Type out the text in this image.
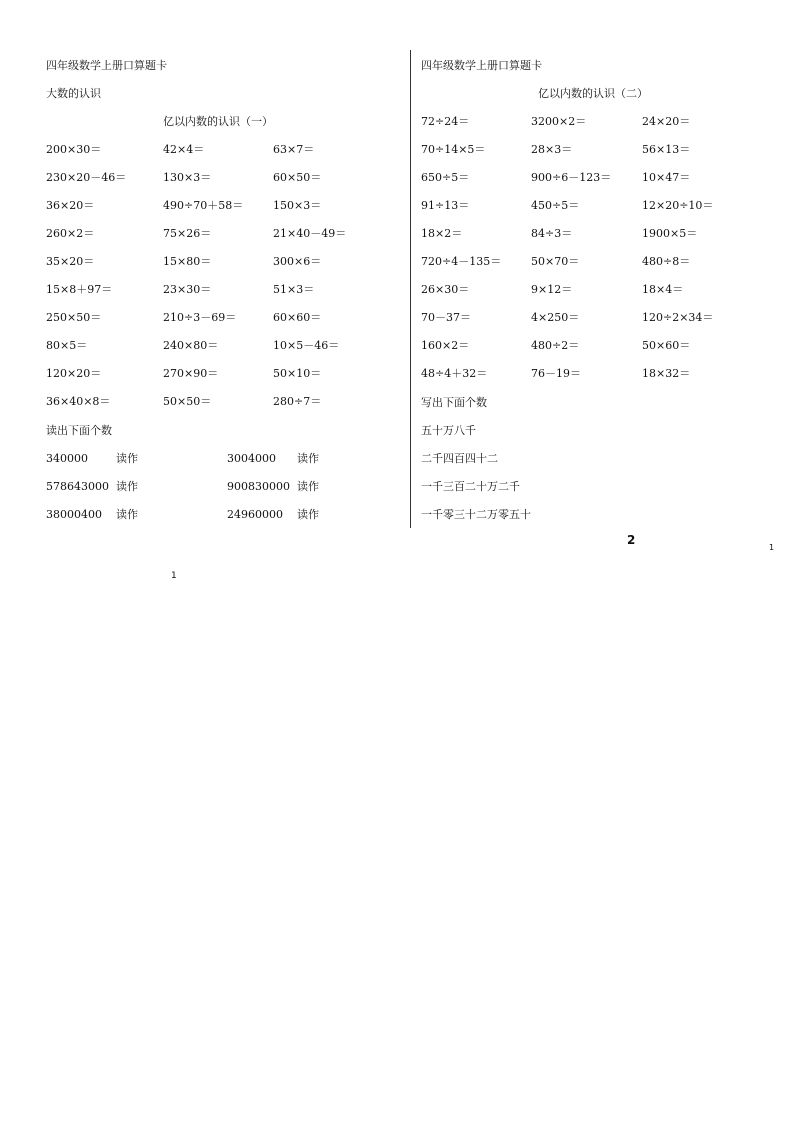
四年级数学上册口算题卡
大数的认识
亿以内数的认识（一）
200×30＝	42×4＝	63×7＝
230×20－46＝	130×3＝	60×50＝
36×20＝	490÷70＋58＝	150×3＝
260×2＝	75×26＝	21×40－49＝
35×20＝	15×80＝	300×6＝
15×8＋97＝	23×30＝	51×3＝
250×50＝	210÷3－69＝	60×60＝
80×5＝	240×80＝	10×5－46＝
120×20＝	270×90＝	50×10＝
36×40×8＝	50×50＝	280÷7＝
读出下面个数
340000	读作	3004000 读作
578643000 读作	900830000 读作
38000400 读作	24960000 读作
1
四年级数学上册口算题卡
亿以内数的认识（二）
72÷24＝	3200×2＝	24×20＝
70÷14×5＝	28×3＝	56×13＝
650÷5＝	900÷6－123＝	10×47＝
91÷13＝	450÷5＝	12×20÷10＝
18×2＝	84÷3＝	1900×5＝
720÷4－135＝	50×70＝	480÷8＝
26×30＝	9×12＝	18×4＝
70－37＝	4×250＝	120÷2×34＝
160×2＝	480÷2＝	50×60＝
48÷4＋32＝	76－19＝	18×32＝
写出下面个数
五十万八千
二千四百四十二
一千三百二十万二千
一千零三十二万零五十
2
1
